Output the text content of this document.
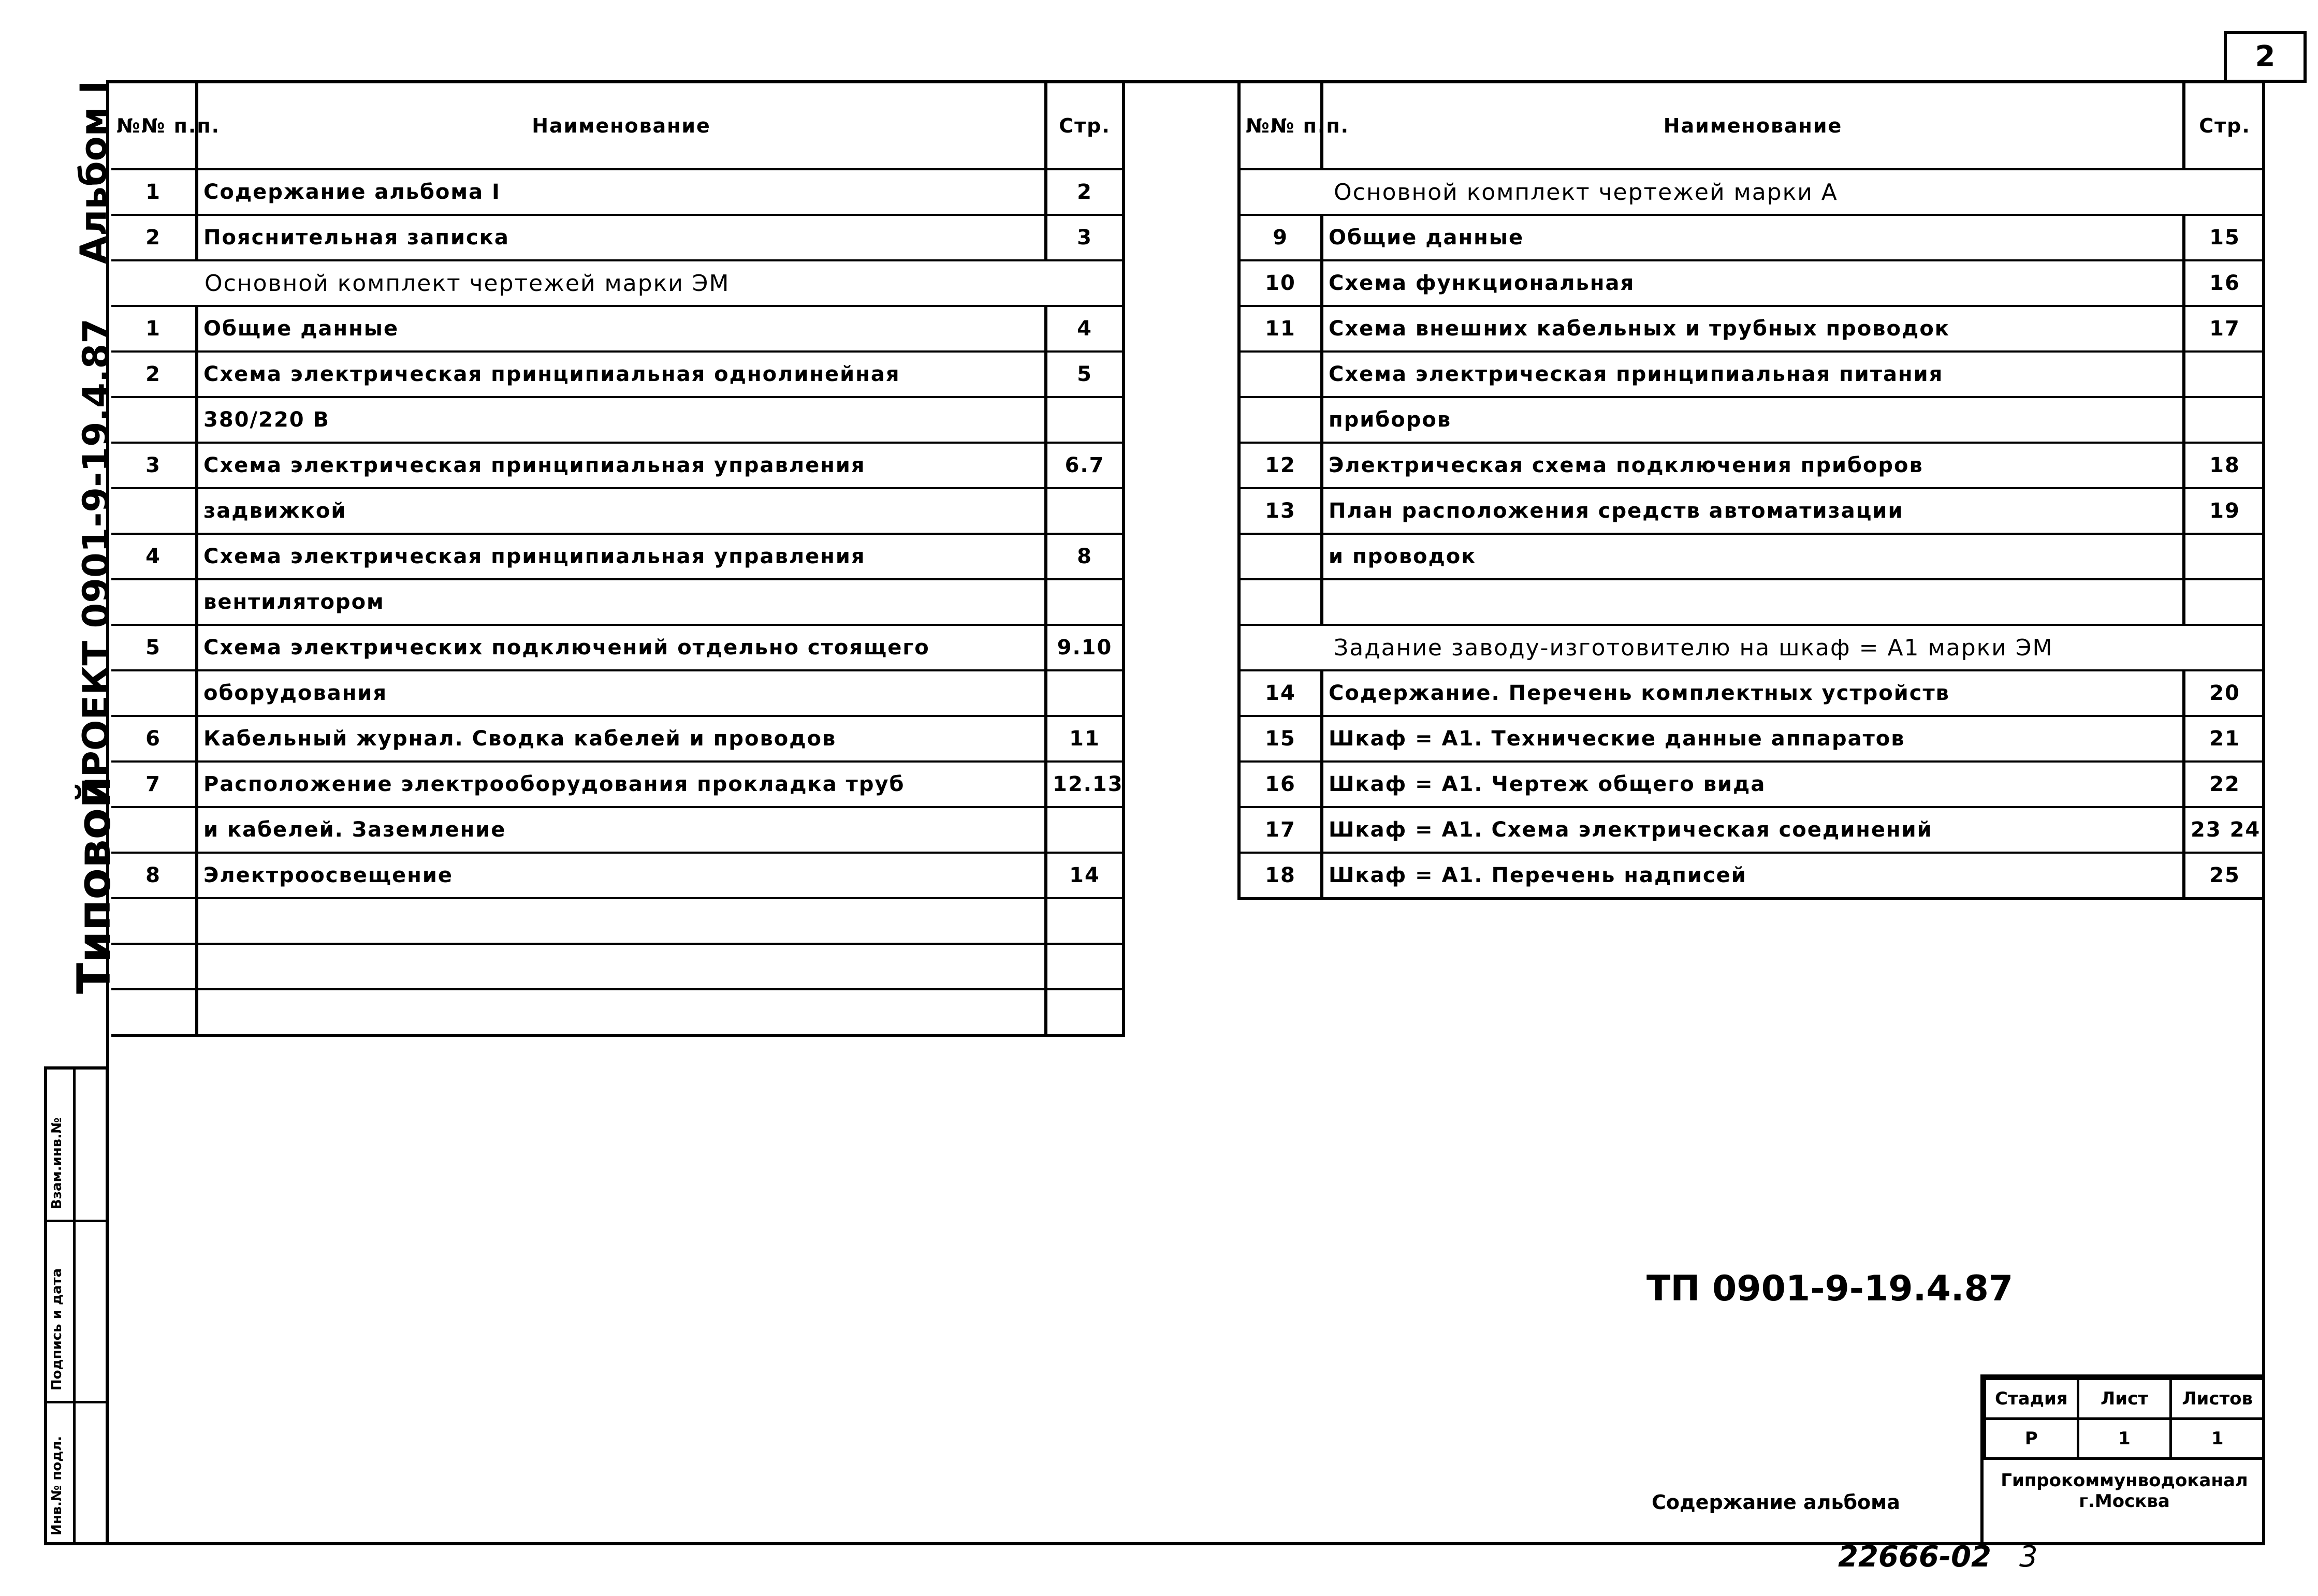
2
Альбом I
ПРОЕКТ 0901-9-19.4.87
Типовой
Инв.№ подл.
Подпись и дата
Взам.инв.№
№№ п.п.	Наименование	Стр.
1	Содержание альбома I	2
2	Пояснительная записка	3
Основной комплект чертежей марки ЭМ		
1	Общие данные	4
2	Схема электрическая принципиальная однолинейная	5
	380/220 В	
3	Схема электрическая принципиальная управления	6.7
	задвижкой	
4	Схема электрическая принципиальная управления	8
	вентилятором	
5	Схема электрических подключений отдельно стоящего	9.10
	оборудования	
6	Кабельный журнал. Сводка кабелей и проводов	11
7	Расположение электрооборудования прокладка труб	12.13
	и кабелей. Заземление	
8	Электроосвещение	14

№№ п.п.	Наименование	Стр.
Основной комплект чертежей марки А		
9	Общие данные	15
10	Схема функциональная	16
11	Схема внешних кабельных и трубных проводок	17
	Схема электрическая принципиальная питания	
	приборов	
12	Электрическая схема подключения приборов	18
13	План расположения средств автоматизации	19
	и проводок	

Задание заводу-изготовителю на шкаф = А1 марки ЭМ		
14	Содержание. Перечень комплектных устройств	20
15	Шкаф = А1. Технические данные аппаратов	21
16	Шкаф = А1. Чертеж общего вида	22
17	Шкаф = А1. Схема электрическая соединений	23 24
18	Шкаф = А1. Перечень надписей	25
ТП 0901-9-19.4.87
Содержание альбома
Стадия	Лист	Листов
Р	1	1
Гипрокоммунводоканал
г.Москва
22666-02 3
